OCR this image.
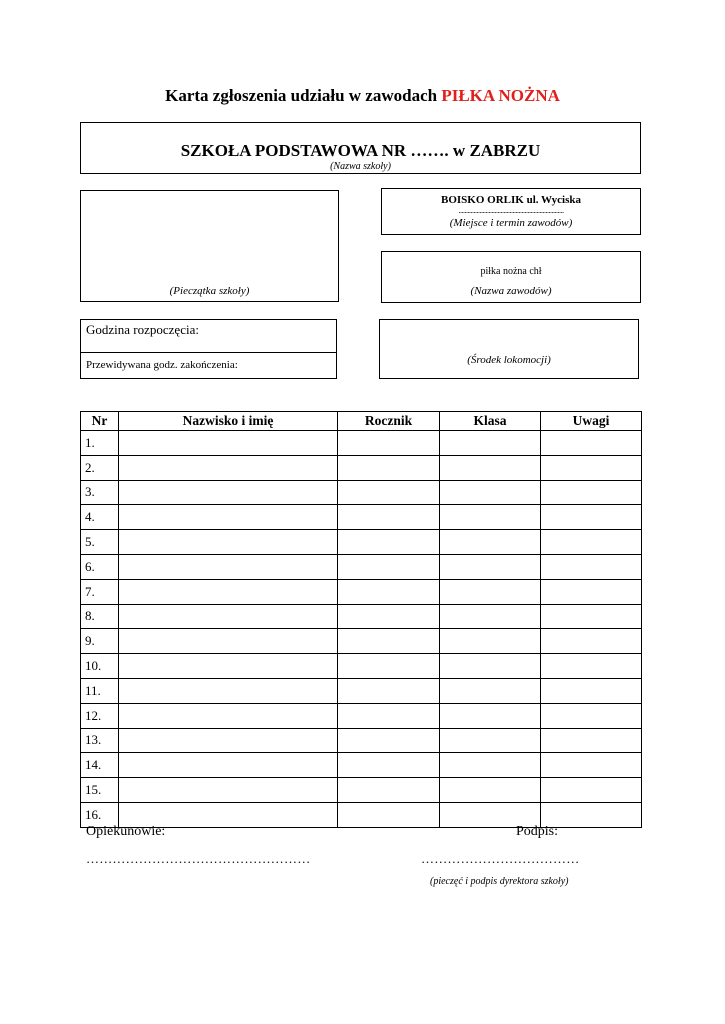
Karta zgłoszenia udziału w zawodach PIŁKA NOŻNA
SZKOŁA PODSTAWOWA NR ……. w ZABRZU
(Nazwa szkoły)
(Pieczątka szkoły)
BOISKO ORLIK ul. Wyciska
......................................................................
(Miejsce i termin zawodów)
piłka nożna chł
(Nazwa zawodów)
Godzina rozpoczęcia:
Przewidywana godz. zakończenia:	(Środek lokomocji)
Nr	Nazwisko i imię	Rocznik	Klasa	Uwagi
1.				
2.				
3.				
4.				
5.				
6.				
7.				
8.				
9.				
10.				
11.				
12.				
13.				
14.				
15.				
16.				
Opiekunowie:	Podpis:
……………………………………………	………………………………
(pieczęć i podpis dyrektora szkoły)
